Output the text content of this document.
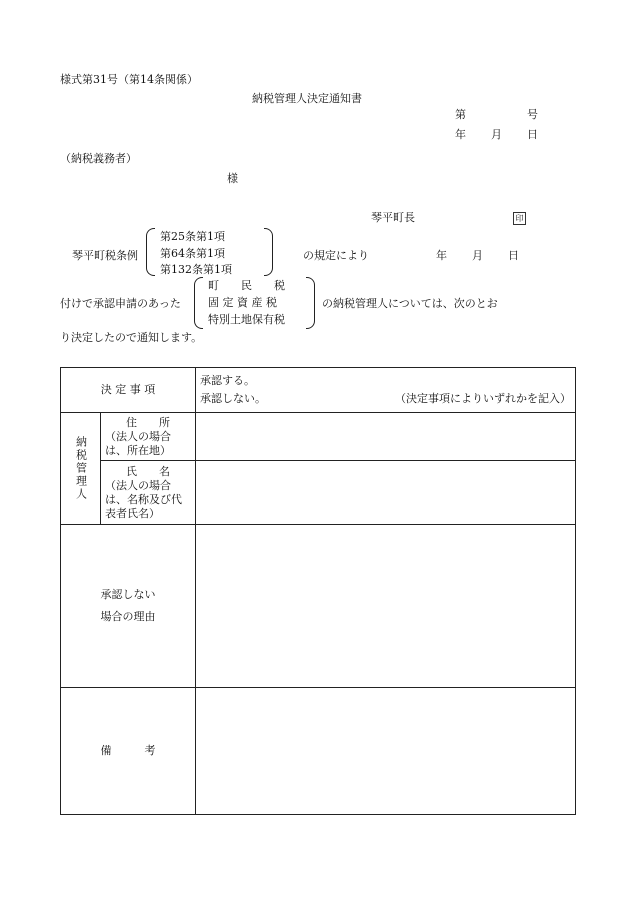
様式第31号（第14条関係）
納税管理人決定通知書
第	号
年 月 日
（納税義務者）
様
琴平町長	印
琴平町税条例
第25条第1項
第64条第1項
第132条第1項
の規定により	年 月 日
付けで承認申請のあった
町　　民　　税
固 定 資 産 税
特別土地保有税
の納税管理人については、次のとお
り決定したので通知します。
決 定 事 項		承認する。
承認しない。 （決定事項によりいずれかを記入）

納税管理人	住　　所
（法人の場合は、所在地）	

	氏　　名
（法人の場合は、名称及び代表者氏名）	

承認しない
場合の理由		

備　　　考		
